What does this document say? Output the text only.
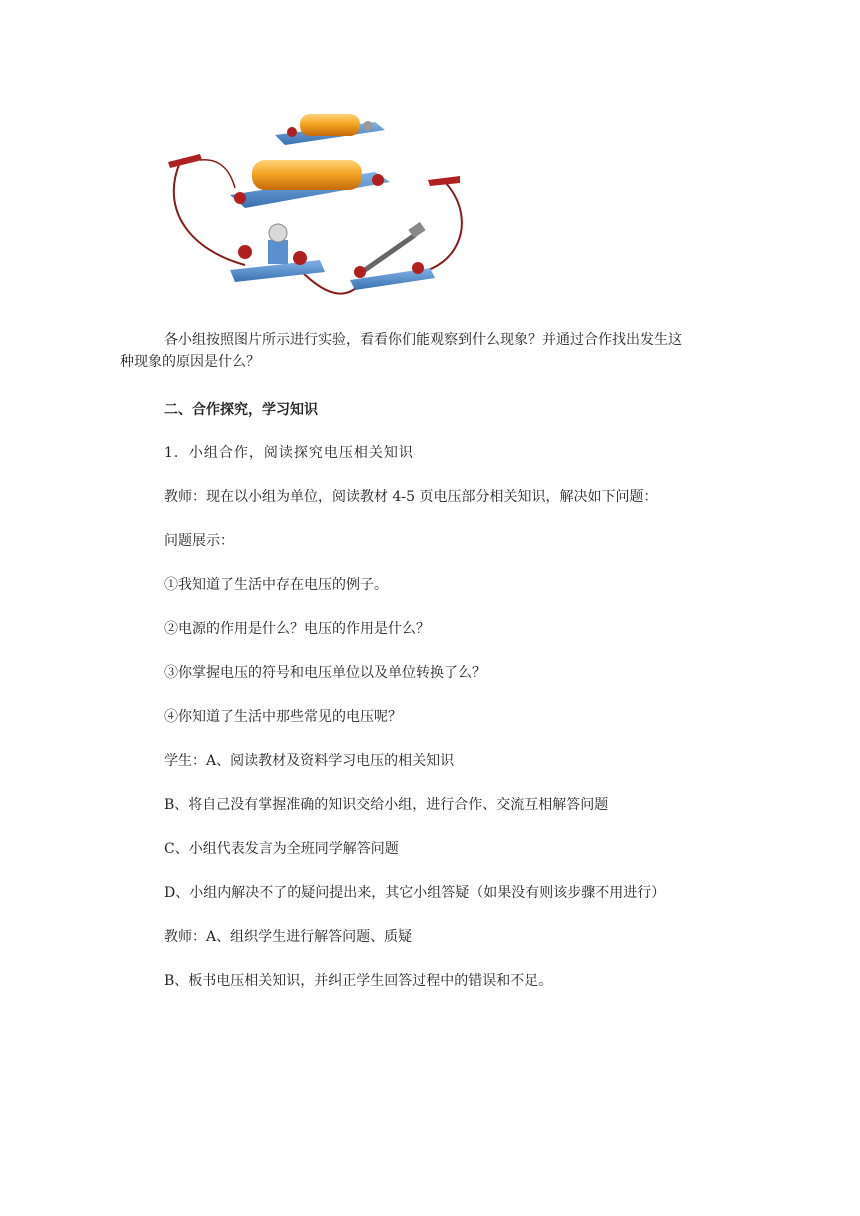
各小组按照图片所示进行实验，看看你们能观察到什么现象？并通过合作找出发生这
种现象的原因是什么？
二、合作探究，学习知识
1．小组合作，阅读探究电压相关知识
教师：现在以小组为单位，阅读教材 4-5 页电压部分相关知识，解决如下问题：
问题展示：
①我知道了生活中存在电压的例子。
②电源的作用是什么？电压的作用是什么？
③你掌握电压的符号和电压单位以及单位转换了么？
④你知道了生活中那些常见的电压呢？
学生：A、阅读教材及资料学习电压的相关知识
B、将自己没有掌握准确的知识交给小组，进行合作、交流互相解答问题
C、小组代表发言为全班同学解答问题
D、小组内解决不了的疑问提出来，其它小组答疑（如果没有则该步骤不用进行）
教师：A、组织学生进行解答问题、质疑
B、板书电压相关知识，并纠正学生回答过程中的错误和不足。
